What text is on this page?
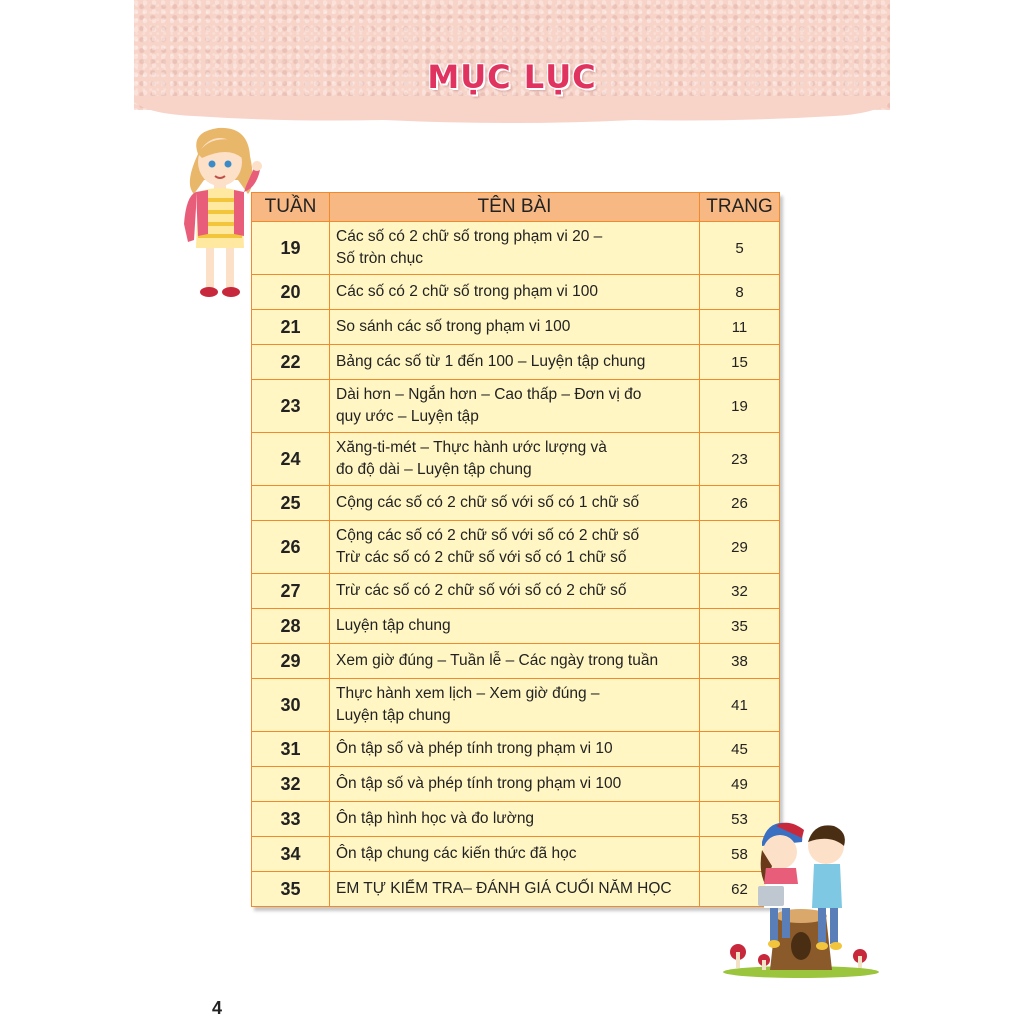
MỤC LỤC
TUẦN	TÊN BÀI	TRANG
19	Các số có 2 chữ số trong phạm vi 20 –
Số tròn chục	5
20	Các số có 2 chữ số trong phạm vi 100	8
21	So sánh các số trong phạm vi 100	11
22	Bảng các số từ 1 đến 100 – Luyện tập chung	15
23	Dài hơn – Ngắn hơn – Cao thấp – Đơn vị đo
quy ước – Luyện tập	19
24	Xăng-ti-mét – Thực hành ước lượng và
đo độ dài – Luyện tập chung	23
25	Cộng các số có 2 chữ số với số có 1 chữ số	26
26	Cộng các số có 2 chữ số với số có 2 chữ số
Trừ các số có 2 chữ số với số có 1 chữ số	29
27	Trừ các số có 2 chữ số với số có 2 chữ số	32
28	Luyện tập chung	35
29	Xem giờ đúng – Tuần lễ – Các ngày trong tuần	38
30	Thực hành xem lịch – Xem giờ đúng –
Luyện tập chung	41
31	Ôn tập số và phép tính trong phạm vi 10	45
32	Ôn tập số và phép tính trong phạm vi 100	49
33	Ôn tập hình học và đo lường	53
34	Ôn tập chung các kiến thức đã học	58
35	EM TỰ KIỂM TRA– ĐÁNH GIÁ CUỐI NĂM HỌC	62
4
